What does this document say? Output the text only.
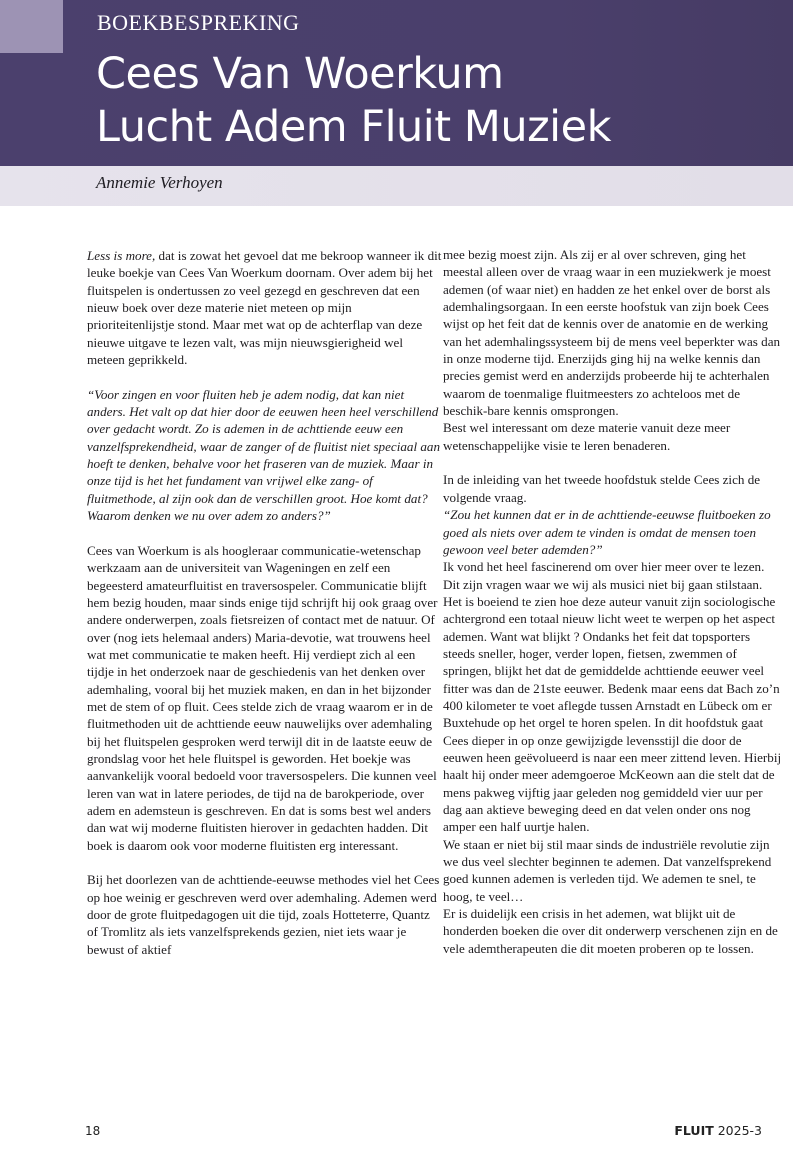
BOEKBESPREKING
Cees Van Woerkum
Lucht Adem Fluit Muziek
Annemie Verhoyen

Less is more, dat is zowat het gevoel dat me bekroop wanneer ik dit leuke boekje van Cees Van Woerkum doornam. Over adem bij het fluitspelen is ondertussen zo veel gezegd en geschreven dat een nieuw boek over deze materie niet meteen op mijn prioriteitenlijstje stond. Maar met wat op de achterflap van deze nieuwe uitgave te lezen valt, was mijn nieuwsgierigheid wel meteen geprikkeld.

“Voor zingen en voor fluiten heb je adem nodig, dat kan niet anders. Het valt op dat hier door de eeuwen heen heel verschillend over gedacht wordt. Zo is ademen in de achttiende eeuw een vanzelfsprekendheid, waar de zanger of de fluitist niet speciaal aan hoeft te denken, behalve voor het fraseren van de muziek. Maar in onze tijd is het het fundament van vrijwel elke zang- of fluitmethode, al zijn ook dan de verschillen groot. Hoe komt dat? Waarom denken we nu over adem zo anders?”

Cees van Woerkum is als hoogleraar communicatie-wetenschap werkzaam aan de universiteit van Wageningen en zelf een begeesterd amateurfluitist en traversospeler. Communicatie blijft hem bezig houden, maar sinds enige tijd schrijft hij ook graag over andere onderwerpen, zoals fietsreizen of contact met de natuur. Of over (nog iets helemaal anders) Maria-devotie, wat trouwens heel wat met communicatie te maken heeft. Hij verdiept zich al een tijdje in het onderzoek naar de geschiedenis van het denken over ademhaling, vooral bij het muziek maken, en dan in het bijzonder met de stem of op fluit. Cees stelde zich de vraag waarom er in de fluitmethoden uit de achttiende eeuw nauwelijks over ademhaling bij het fluitspelen gesproken werd terwijl dit in de laatste eeuw de grondslag voor het hele fluitspel is geworden. Het boekje was aanvankelijk vooral bedoeld voor traversospelers. Die kunnen veel leren van wat in latere periodes, de tijd na de barokperiode, over adem en ademsteun is geschreven. En dat is soms best wel anders dan wat wij moderne fluitisten hierover in gedachten hadden. Dit boek is daarom ook voor moderne fluitisten erg interessant.

Bij het doorlezen van de achttiende-eeuwse methodes viel het Cees op hoe weinig er geschreven werd over ademhaling. Ademen werd door de grote fluitpedagogen uit die tijd, zoals Hotteterre, Quantz of Tromlitz als iets vanzelfsprekends gezien, niet iets waar je bewust of aktief

mee bezig moest zijn. Als zij er al over schreven, ging het meestal alleen over de vraag waar in een muziekwerk je moest ademen (of waar niet) en hadden ze het enkel over de borst als ademhalingsorgaan. In een eerste hoofstuk van zijn boek Cees wijst op het feit dat de kennis over de anatomie en de werking van het ademhalingssysteem bij de mens veel beperkter was dan in onze moderne tijd. Enerzijds ging hij na welke kennis dan precies gemist werd en anderzijds probeerde hij te achterhalen waarom de toenmalige fluitmeesters zo achteloos met de beschik-bare kennis omsprongen.

Best wel interessant om deze materie vanuit deze meer wetenschappelijke visie te leren benaderen.

In de inleiding van het tweede hoofdstuk stelde Cees zich de volgende vraag.

“Zou het kunnen dat er in de achttiende-eeuwse fluitboeken zo goed als niets over adem te vinden is omdat de mensen toen gewoon veel beter ademden?”

Ik vond het heel fascinerend om over hier meer over te lezen. Dit zijn vragen waar we wij als musici niet bij gaan stilstaan. Het is boeiend te zien hoe deze auteur vanuit zijn sociologische achtergrond een totaal nieuw licht weet te werpen op het aspect ademen. Want wat blijkt ? Ondanks het feit dat topsporters steeds sneller, hoger, verder lopen, fietsen, zwemmen of springen, blijkt het dat de gemiddelde achttiende eeuwer veel fitter was dan de 21ste eeuwer. Bedenk maar eens dat Bach zo’n 400 kilometer te voet aflegde tussen Arnstadt en Lübeck om er Buxtehude op het orgel te horen spelen. In dit hoofdstuk gaat Cees dieper in op onze gewijzigde levensstijl die door de eeuwen heen geëvolueerd is naar een meer zittend leven. Hierbij haalt hij onder meer ademgoeroe McKeown aan die stelt dat de mens pakweg vijftig jaar geleden nog gemiddeld vier uur per dag aan aktieve beweging deed en dat velen onder ons nog amper een half uurtje halen.

We staan er niet bij stil maar sinds de industriële revolutie zijn we dus veel slechter beginnen te ademen. Dat vanzelfsprekend goed kunnen ademen is verleden tijd. We ademen te snel, te hoog, te veel…

Er is duidelijk een crisis in het ademen, wat blijkt uit de honderden boeken die over dit onderwerp verschenen zijn en de vele ademtherapeuten die dit moeten proberen op te lossen.

18	FLUIT 2025-3
